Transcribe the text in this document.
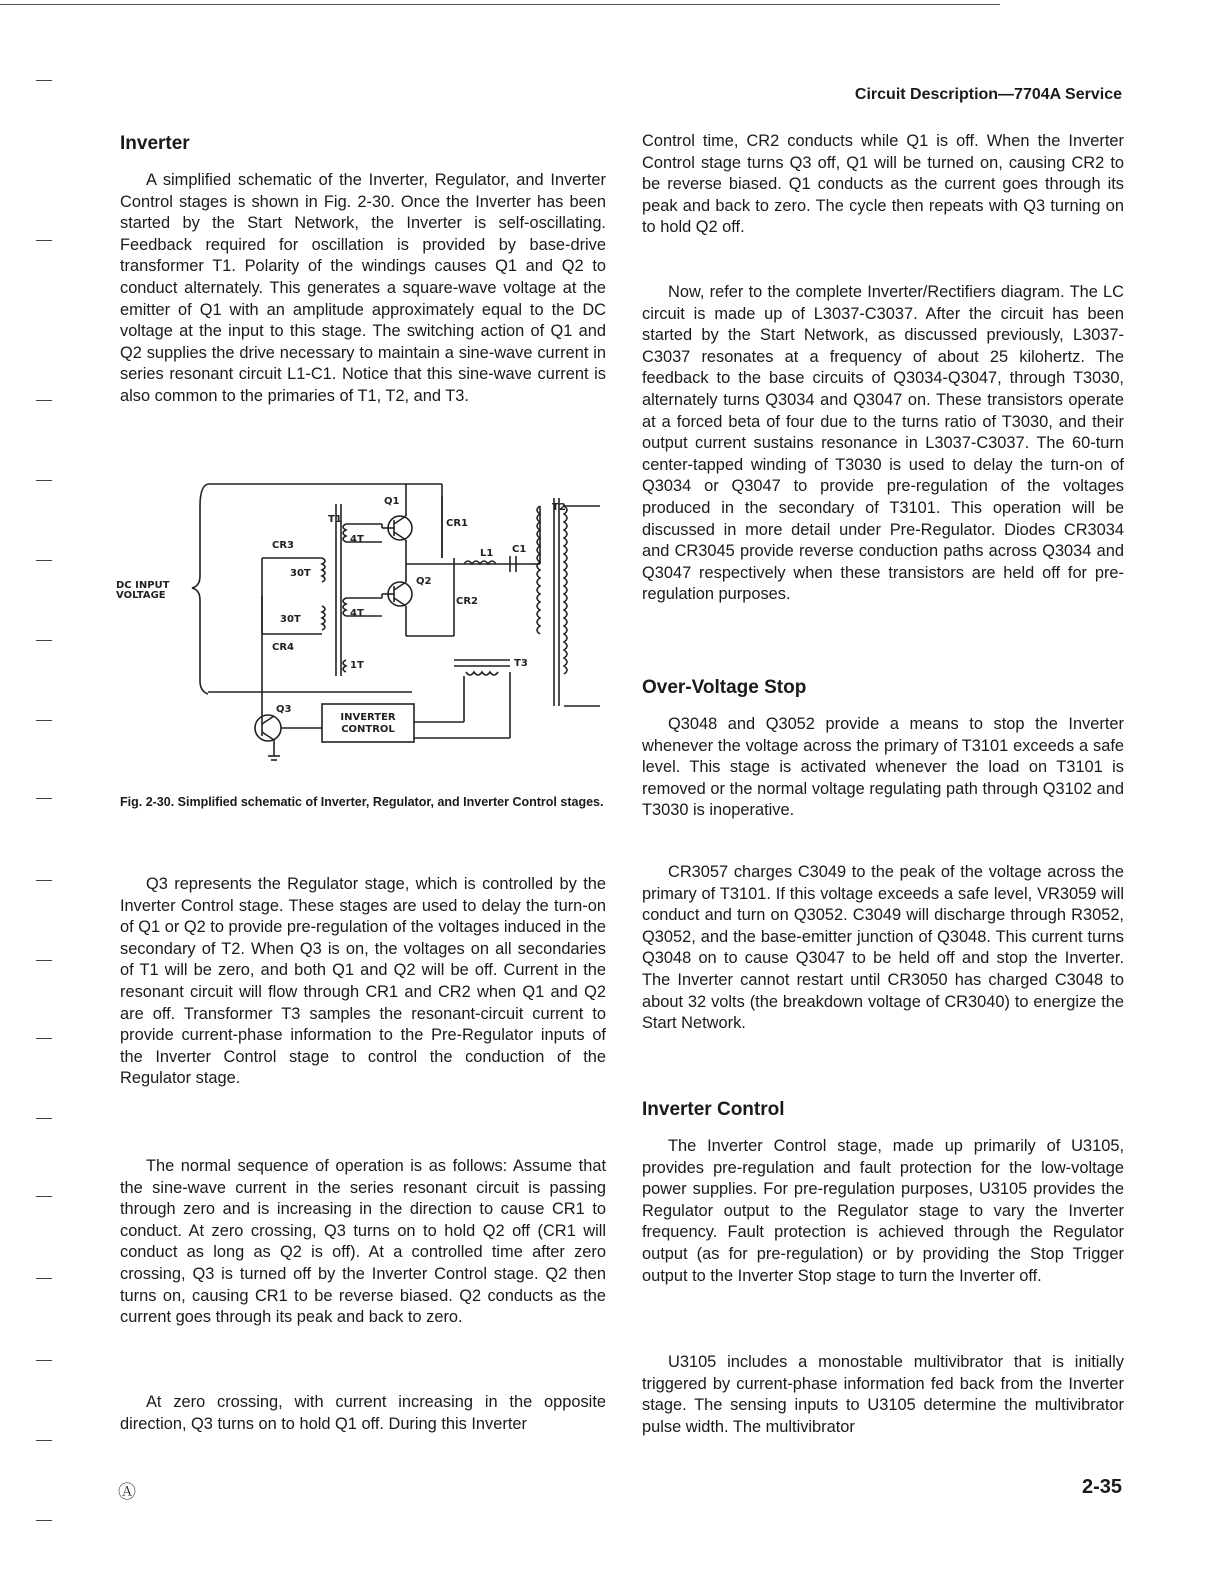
Circuit Description—7704A Service
Inverter

A simplified schematic of the Inverter, Regulator, and Inverter Control stages is shown in Fig. 2-30. Once the Inverter has been started by the Start Network, the Inverter is self-oscillating. Feedback required for oscillation is provided by base-drive transformer T1. Polarity of the windings causes Q1 and Q2 to conduct alternately. This generates a square-wave voltage at the emitter of Q1 with an amplitude approximately equal to the DC voltage at the input to this stage. The switching action of Q1 and Q2 supplies the drive necessary to maintain a sine-wave current in series resonant circuit L1-C1. Notice that this sine-wave current is also common to the primaries of T1, T2, and T3.

DC INPUT
VOLTAGE
Q1
Q2
Q3
T1
T2
T3
CR1
CR2
CR3
CR4
L1 C1
4T
4T
30T
30T
1T
INVERTER
CONTROL
Fig. 2-30. Simplified schematic of Inverter, Regulator, and Inverter Control stages.

Q3 represents the Regulator stage, which is controlled by the Inverter Control stage. These stages are used to delay the turn-on of Q1 or Q2 to provide pre-regulation of the voltages induced in the secondary of T2. When Q3 is on, the voltages on all secondaries of T1 will be zero, and both Q1 and Q2 will be off. Current in the resonant circuit will flow through CR1 and CR2 when Q1 and Q2 are off. Transformer T3 samples the resonant-circuit current to provide current-phase information to the Pre-Regulator inputs of the Inverter Control stage to control the conduction of the Regulator stage.

The normal sequence of operation is as follows: Assume that the sine-wave current in the series resonant circuit is passing through zero and is increasing in the direction to cause CR1 to conduct. At zero crossing, Q3 turns on to hold Q2 off (CR1 will conduct as long as Q2 is off). At a controlled time after zero crossing, Q3 is turned off by the Inverter Control stage. Q2 then turns on, causing CR1 to be reverse biased. Q2 conducts as the current goes through its peak and back to zero.

At zero crossing, with current increasing in the opposite direction, Q3 turns on to hold Q1 off. During this Inverter

Control time, CR2 conducts while Q1 is off. When the Inverter Control stage turns Q3 off, Q1 will be turned on, causing CR2 to be reverse biased. Q1 conducts as the current goes through its peak and back to zero. The cycle then repeats with Q3 turning on to hold Q2 off.

Now, refer to the complete Inverter/Rectifiers diagram. The LC circuit is made up of L3037-C3037. After the circuit has been started by the Start Network, as discussed previously, L3037-C3037 resonates at a frequency of about 25 kilohertz. The feedback to the base circuits of Q3034-Q3047, through T3030, alternately turns Q3034 and Q3047 on. These transistors operate at a forced beta of four due to the turns ratio of T3030, and their output current sustains resonance in L3037-C3037. The 60-turn center-tapped winding of T3030 is used to delay the turn-on of Q3034 or Q3047 to provide pre-regulation of the voltages produced in the secondary of T3101. This operation will be discussed in more detail under Pre-Regulator. Diodes CR3034 and CR3045 provide reverse conduction paths across Q3034 and Q3047 respectively when these transistors are held off for pre-regulation purposes.

Over-Voltage Stop

Q3048 and Q3052 provide a means to stop the Inverter whenever the voltage across the primary of T3101 exceeds a safe level. This stage is activated whenever the load on T3101 is removed or the normal voltage regulating path through Q3102 and T3030 is inoperative.

CR3057 charges C3049 to the peak of the voltage across the primary of T3101. If this voltage exceeds a safe level, VR3059 will conduct and turn on Q3052. C3049 will discharge through R3052, Q3052, and the base-emitter junction of Q3048. This current turns Q3048 on to cause Q3047 to be held off and stop the Inverter. The Inverter cannot restart until CR3050 has charged C3048 to about 32 volts (the breakdown voltage of CR3040) to energize the Start Network.

Inverter Control

The Inverter Control stage, made up primarily of U3105, provides pre-regulation and fault protection for the low-voltage power supplies. For pre-regulation purposes, U3105 provides the Regulator output to the Regulator stage to vary the Inverter frequency. Fault protection is achieved through the Regulator output (as for pre-regulation) or by providing the Stop Trigger output to the Inverter Stop stage to turn the Inverter off.

U3105 includes a monostable multivibrator that is initially triggered by current-phase information fed back from the Inverter stage. The sensing inputs to U3105 determine the multivibrator pulse width. The multivibrator

Ⓐ	2-35
